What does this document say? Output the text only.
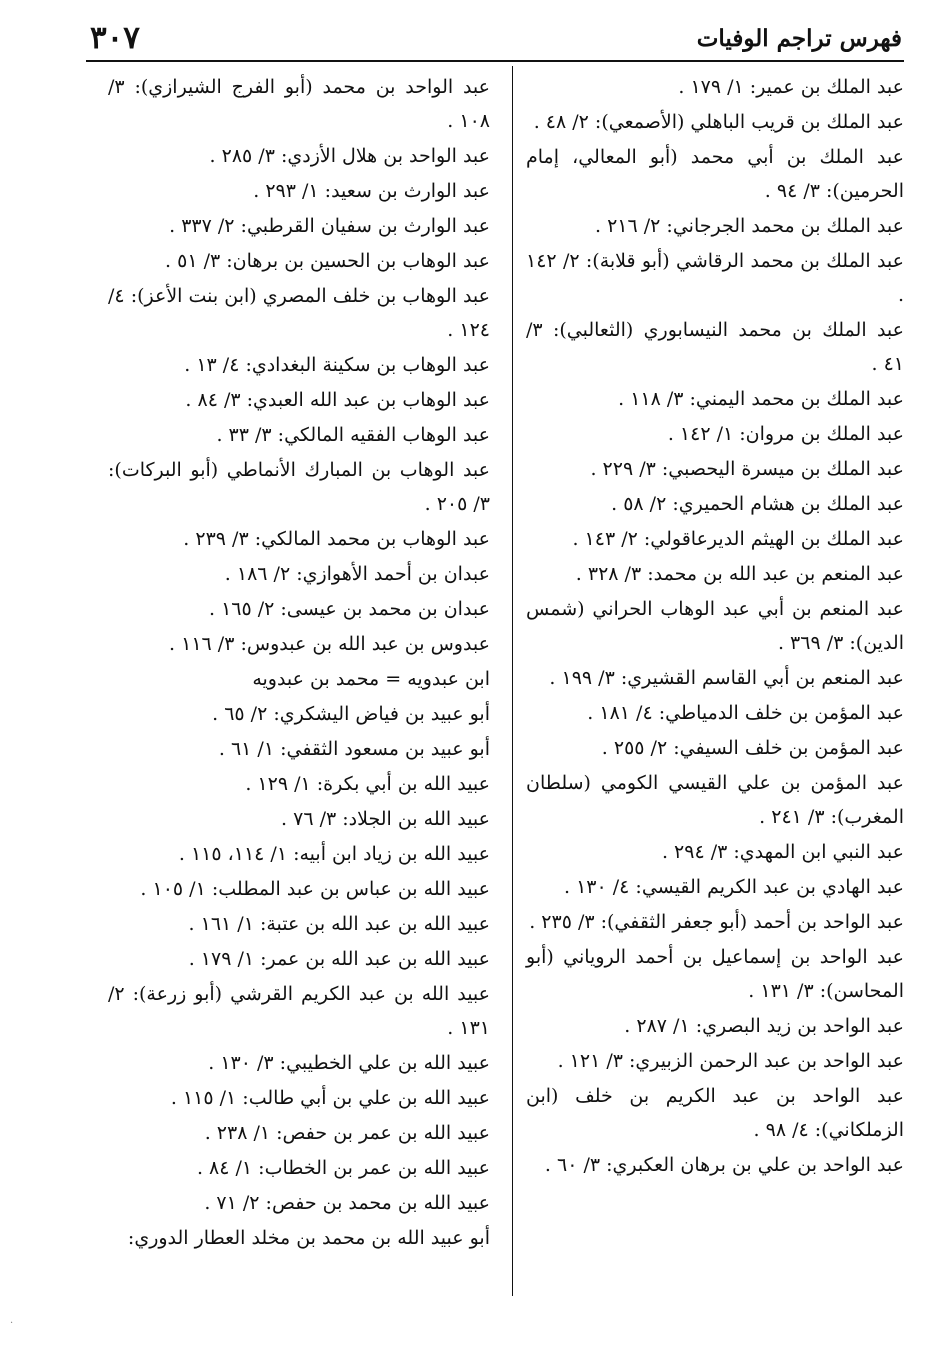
فهرس تراجم الوفيات
٣٠٧
عبد الملك بن عمير: ١/ ١٧٩ .
عبد الملك بن قريب الباهلي (الأصمعي): ٢/ ٤٨ .
عبد الملك بن أبي محمد (أبو المعالي، إمام الحرمين): ٣/ ٩٤ .
عبد الملك بن محمد الجرجاني: ٢/ ٢١٦ .
عبد الملك بن محمد الرقاشي (أبو قلابة): ٢/ ١٤٢ .
عبد الملك بن محمد النيسابوري (الثعالبي): ٣/ ٤١ .
عبد الملك بن محمد اليمني: ٣/ ١١٨ .
عبد الملك بن مروان: ١/ ١٤٢ .
عبد الملك بن ميسرة اليحصبي: ٣/ ٢٢٩ .
عبد الملك بن هشام الحميري: ٢/ ٥٨ .
عبد الملك بن الهيثم الديرعاقولي: ٢/ ١٤٣ .
عبد المنعم بن عبد الله بن محمد: ٣/ ٣٢٨ .
عبد المنعم بن أبي عبد الوهاب الحراني (شمس الدين): ٣/ ٣٦٩ .
عبد المنعم بن أبي القاسم القشيري: ٣/ ١٩٩ .
عبد المؤمن بن خلف الدمياطي: ٤/ ١٨١ .
عبد المؤمن بن خلف السيفي: ٢/ ٢٥٥ .
عبد المؤمن بن علي القيسي الكومي (سلطان المغرب): ٣/ ٢٤١ .
عبد النبي ابن المهدي: ٣/ ٢٩٤ .
عبد الهادي بن عبد الكريم القيسي: ٤/ ١٣٠ .
عبد الواحد بن أحمد (أبو جعفر الثقفي): ٣/ ٢٣٥ .
عبد الواحد بن إسماعيل بن أحمد الروياني (أبو المحاسن): ٣/ ١٣١ .
عبد الواحد بن زيد البصري: ١/ ٢٨٧ .
عبد الواحد بن عبد الرحمن الزبيري: ٣/ ١٢١ .
عبد الواحد بن عبد الكريم بن خلف (ابن الزملكاني): ٤/ ٩٨ .
عبد الواحد بن علي بن برهان العكبري: ٣/ ٦٠ .
عبد الواحد بن محمد (أبو الفرج الشيرازي): ٣/ ١٠٨ .
عبد الواحد بن هلال الأزدي: ٣/ ٢٨٥ .
عبد الوارث بن سعيد: ١/ ٢٩٣ .
عبد الوارث بن سفيان القرطبي: ٢/ ٣٣٧ .
عبد الوهاب بن الحسين بن برهان: ٣/ ٥١ .
عبد الوهاب بن خلف المصري (ابن بنت الأعز): ٤/ ١٢٤ .
عبد الوهاب بن سكينة البغدادي: ٤/ ١٣ .
عبد الوهاب بن عبد الله العبدي: ٣/ ٨٤ .
عبد الوهاب الفقيه المالكي: ٣/ ٣٣ .
عبد الوهاب بن المبارك الأنماطي (أبو البركات): ٣/ ٢٠٥ .
عبد الوهاب بن محمد المالكي: ٣/ ٢٣٩ .
عبدان بن أحمد الأهوازي: ٢/ ١٨٦ .
عبدان بن محمد بن عيسى: ٢/ ١٦٥ .
عبدوس بن عبد الله بن عبدوس: ٣/ ١١٦ .
ابن عبدويه = محمد بن عبدويه
أبو عبيد بن فياض اليشكري: ٢/ ٦٥ .
أبو عبيد بن مسعود الثقفي: ١/ ٦١ .
عبيد الله بن أبي بكرة: ١/ ١٢٩ .
عبيد الله بن الجلاد: ٣/ ٧٦ .
عبيد الله بن زياد ابن أبيه: ١/ ١١٤، ١١٥ .
عبيد الله بن عباس بن عبد المطلب: ١/ ١٠٥ .
عبيد الله بن عبد الله بن عتبة: ١/ ١٦١ .
عبيد الله بن عبد الله بن عمر: ١/ ١٧٩ .
عبيد الله بن عبد الكريم القرشي (أبو زرعة): ٢/ ١٣١ .
عبيد الله بن علي الخطيبي: ٣/ ١٣٠ .
عبيد الله بن علي بن أبي طالب: ١/ ١١٥ .
عبيد الله بن عمر بن حفص: ١/ ٢٣٨ .
عبيد الله بن عمر بن الخطاب: ١/ ٨٤ .
عبيد الله بن محمد بن حفص: ٢/ ٧١ .
أبو عبيد الله بن محمد بن مخلد العطار الدوري:
·
